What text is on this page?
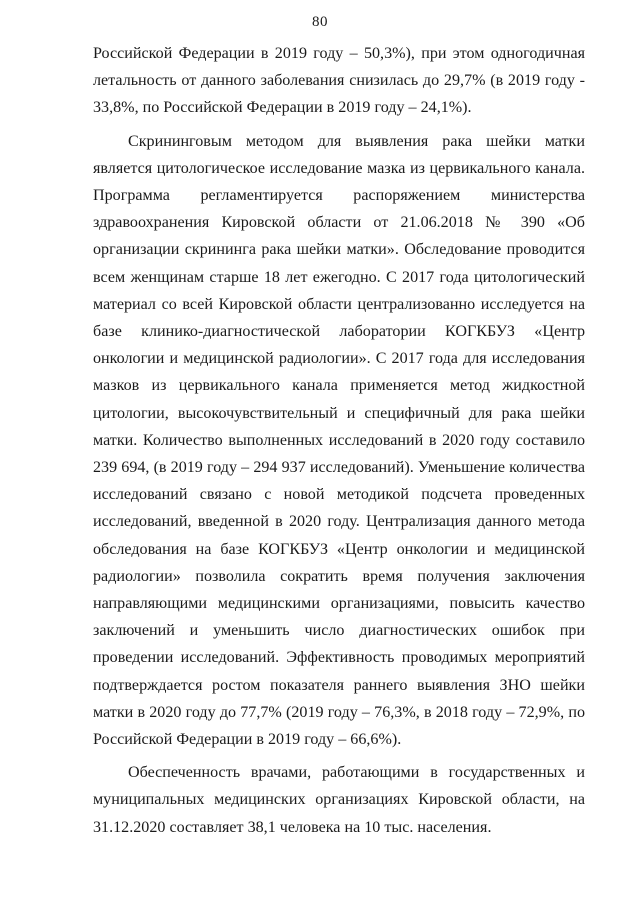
80

Российской Федерации в 2019 году – 50,3%), при этом одногодичная летальность от данного заболевания снизилась до 29,7% (в 2019 году - 33,8%, по Российской Федерации в 2019 году – 24,1%).

Скрининговым методом для выявления рака шейки матки является цитологическое исследование мазка из цервикального канала. Программа регламентируется распоряжением министерства здравоохранения Кировской области от 21.06.2018 № 390 «Об организации скрининга рака шейки матки». Обследование проводится всем женщинам старше 18 лет ежегодно. С 2017 года цитологический материал со всей Кировской области централизованно исследуется на базе клинико-диагностической лаборатории КОГКБУЗ «Центр онкологии и медицинской радиологии». С 2017 года для исследования мазков из цервикального канала применяется метод жидкостной цитологии, высокочувствительный и специфичный для рака шейки матки. Количество выполненных исследований в 2020 году составило 239 694, (в 2019 году – 294 937 исследований). Уменьшение количества исследований связано с новой методикой подсчета проведенных исследований, введенной в 2020 году. Централизация данного метода обследования на базе КОГКБУЗ «Центр онкологии и медицинской радиологии» позволила сократить время получения заключения направляющими медицинскими организациями, повысить качество заключений и уменьшить число диагностических ошибок при проведении исследований. Эффективность проводимых мероприятий подтверждается ростом показателя раннего выявления ЗНО шейки матки в 2020 году до 77,7% (2019 году – 76,3%, в 2018 году – 72,9%, по Российской Федерации в 2019 году – 66,6%).

Обеспеченность врачами, работающими в государственных и муниципальных медицинских организациях Кировской области, на 31.12.2020 составляет 38,1 человека на 10 тыс. населения.
